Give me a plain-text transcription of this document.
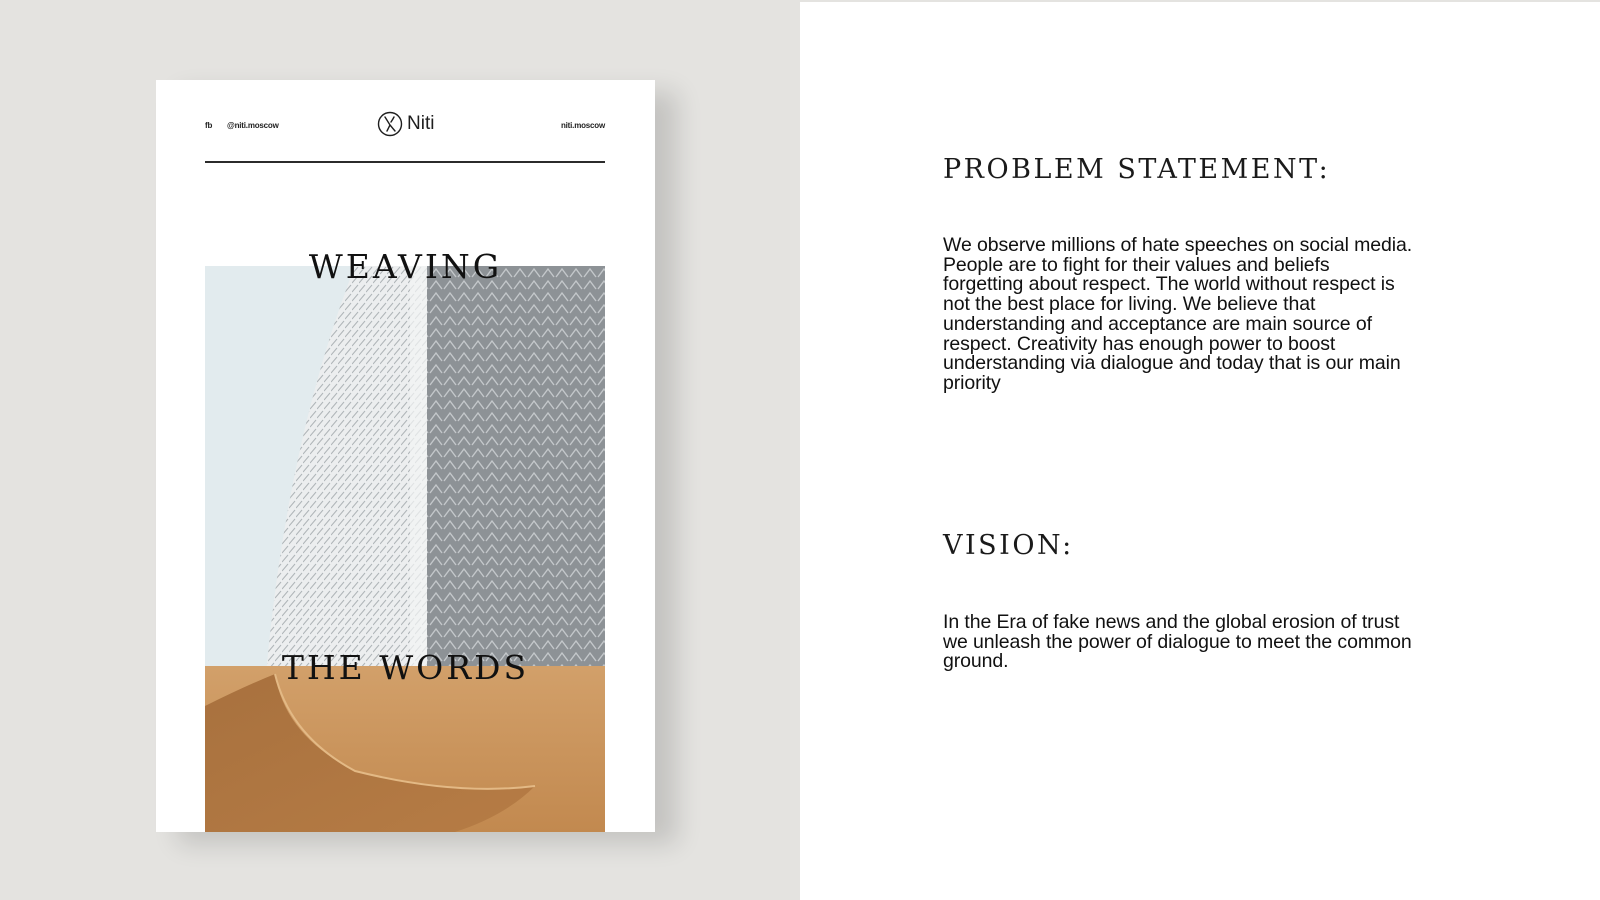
fb @niti.moscow	Niti	niti.moscow
WEAVING
THE WORDS
PROBLEM STATEMENT:

We observe millions of hate speeches on social media. People are to fight for their values and beliefs forgetting about respect. The world without respect is not the best place for living. We believe that understanding and acceptance are main source of respect. Creativity has enough power to boost understanding via dialogue and today that is our main priority

VISION:

In the Era of fake news and the global erosion of trust we unleash the power of dialogue to meet the common ground.
